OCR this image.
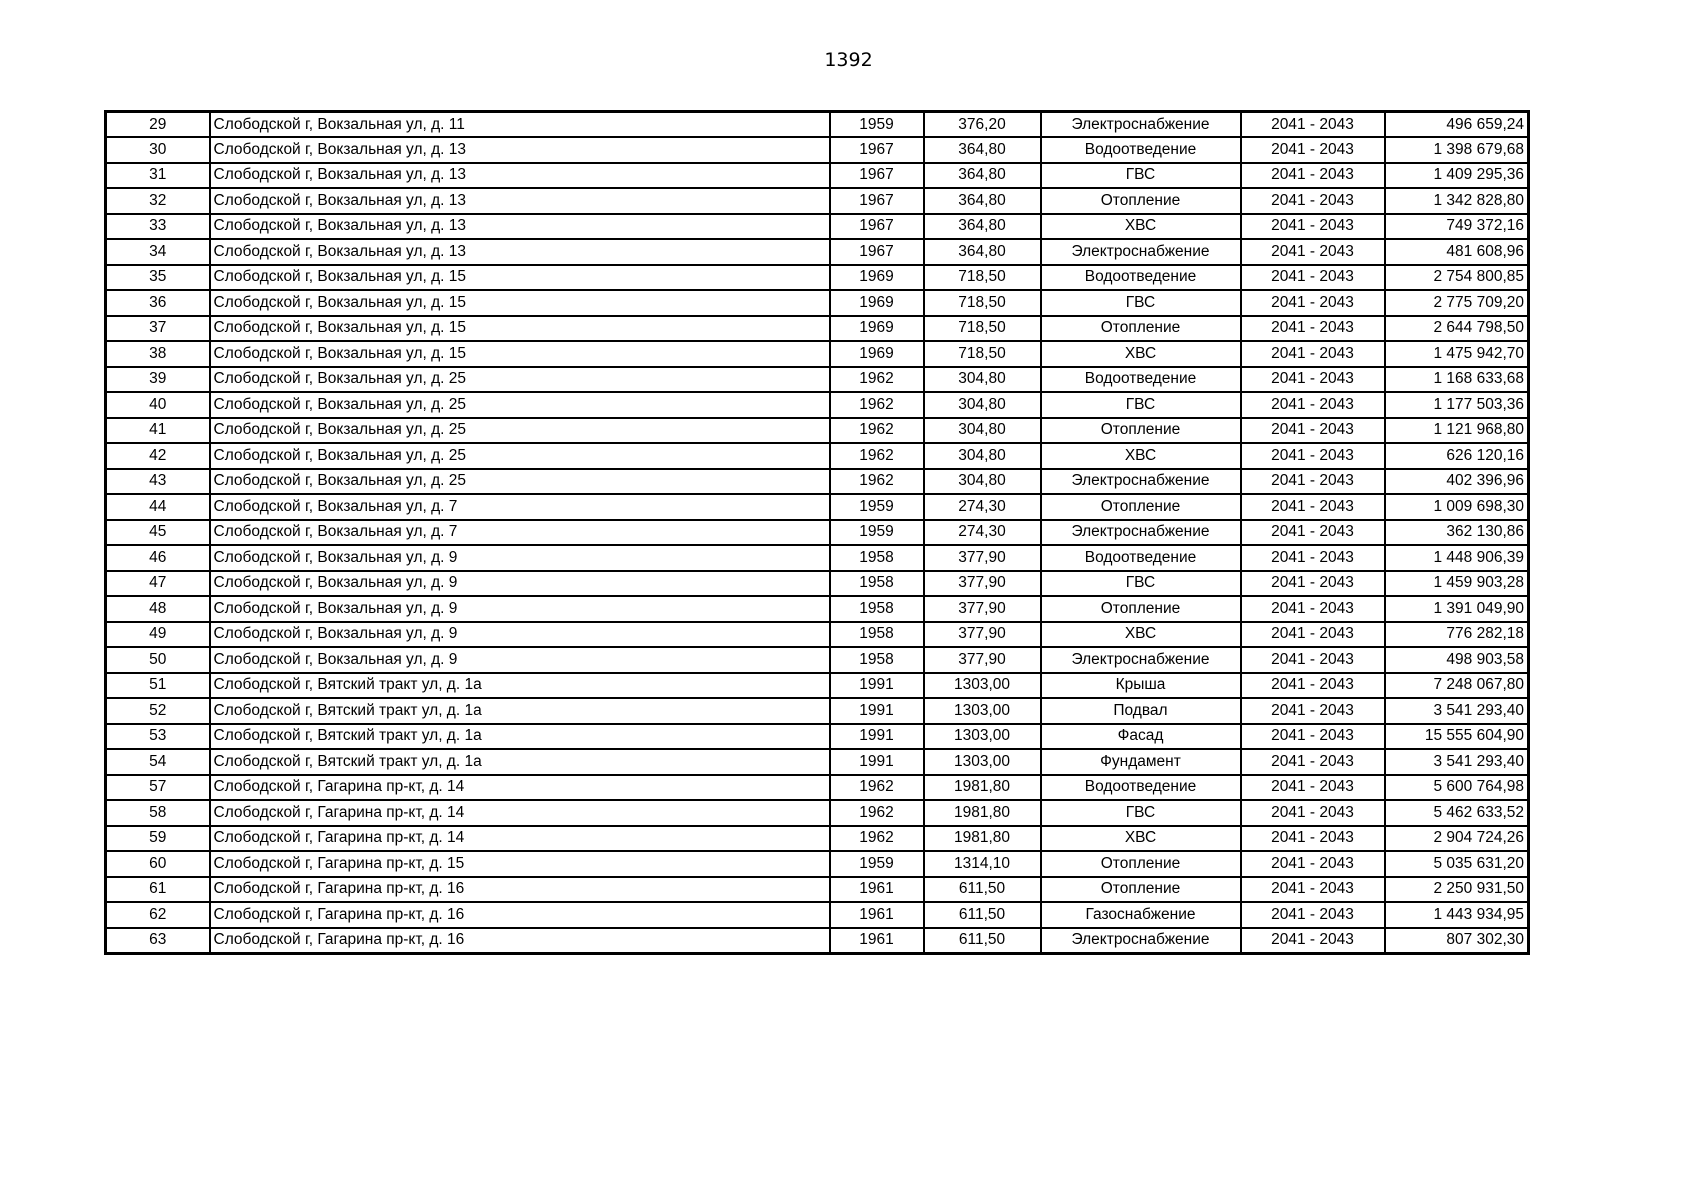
1392
29	Слободской г, Вокзальная ул, д. 11	1959	376,20	Электроснабжение	2041 - 2043	496 659,24
30	Слободской г, Вокзальная ул, д. 13	1967	364,80	Водоотведение	2041 - 2043	1 398 679,68
31	Слободской г, Вокзальная ул, д. 13	1967	364,80	ГВС	2041 - 2043	1 409 295,36
32	Слободской г, Вокзальная ул, д. 13	1967	364,80	Отопление	2041 - 2043	1 342 828,80
33	Слободской г, Вокзальная ул, д. 13	1967	364,80	ХВС	2041 - 2043	749 372,16
34	Слободской г, Вокзальная ул, д. 13	1967	364,80	Электроснабжение	2041 - 2043	481 608,96
35	Слободской г, Вокзальная ул, д. 15	1969	718,50	Водоотведение	2041 - 2043	2 754 800,85
36	Слободской г, Вокзальная ул, д. 15	1969	718,50	ГВС	2041 - 2043	2 775 709,20
37	Слободской г, Вокзальная ул, д. 15	1969	718,50	Отопление	2041 - 2043	2 644 798,50
38	Слободской г, Вокзальная ул, д. 15	1969	718,50	ХВС	2041 - 2043	1 475 942,70
39	Слободской г, Вокзальная ул, д. 25	1962	304,80	Водоотведение	2041 - 2043	1 168 633,68
40	Слободской г, Вокзальная ул, д. 25	1962	304,80	ГВС	2041 - 2043	1 177 503,36
41	Слободской г, Вокзальная ул, д. 25	1962	304,80	Отопление	2041 - 2043	1 121 968,80
42	Слободской г, Вокзальная ул, д. 25	1962	304,80	ХВС	2041 - 2043	626 120,16
43	Слободской г, Вокзальная ул, д. 25	1962	304,80	Электроснабжение	2041 - 2043	402 396,96
44	Слободской г, Вокзальная ул, д. 7	1959	274,30	Отопление	2041 - 2043	1 009 698,30
45	Слободской г, Вокзальная ул, д. 7	1959	274,30	Электроснабжение	2041 - 2043	362 130,86
46	Слободской г, Вокзальная ул, д. 9	1958	377,90	Водоотведение	2041 - 2043	1 448 906,39
47	Слободской г, Вокзальная ул, д. 9	1958	377,90	ГВС	2041 - 2043	1 459 903,28
48	Слободской г, Вокзальная ул, д. 9	1958	377,90	Отопление	2041 - 2043	1 391 049,90
49	Слободской г, Вокзальная ул, д. 9	1958	377,90	ХВС	2041 - 2043	776 282,18
50	Слободской г, Вокзальная ул, д. 9	1958	377,90	Электроснабжение	2041 - 2043	498 903,58
51	Слободской г, Вятский тракт ул, д. 1а	1991	1303,00	Крыша	2041 - 2043	7 248 067,80
52	Слободской г, Вятский тракт ул, д. 1а	1991	1303,00	Подвал	2041 - 2043	3 541 293,40
53	Слободской г, Вятский тракт ул, д. 1а	1991	1303,00	Фасад	2041 - 2043	15 555 604,90
54	Слободской г, Вятский тракт ул, д. 1а	1991	1303,00	Фундамент	2041 - 2043	3 541 293,40
57	Слободской г, Гагарина пр-кт, д. 14	1962	1981,80	Водоотведение	2041 - 2043	5 600 764,98
58	Слободской г, Гагарина пр-кт, д. 14	1962	1981,80	ГВС	2041 - 2043	5 462 633,52
59	Слободской г, Гагарина пр-кт, д. 14	1962	1981,80	ХВС	2041 - 2043	2 904 724,26
60	Слободской г, Гагарина пр-кт, д. 15	1959	1314,10	Отопление	2041 - 2043	5 035 631,20
61	Слободской г, Гагарина пр-кт, д. 16	1961	611,50	Отопление	2041 - 2043	2 250 931,50
62	Слободской г, Гагарина пр-кт, д. 16	1961	611,50	Газоснабжение	2041 - 2043	1 443 934,95
63	Слободской г, Гагарина пр-кт, д. 16	1961	611,50	Электроснабжение	2041 - 2043	807 302,30
